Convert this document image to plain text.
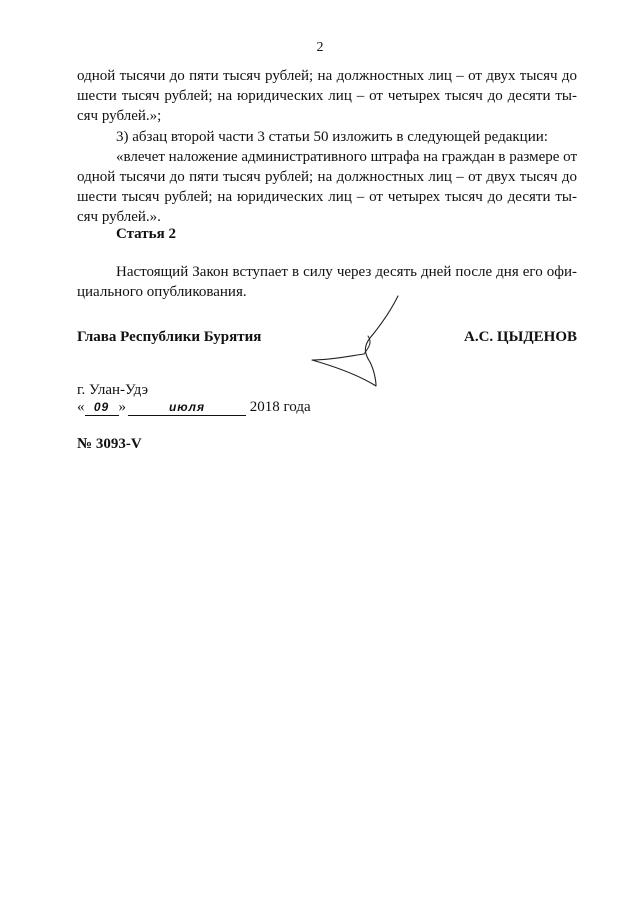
2
одной тысячи до пяти тысяч рублей; на должностных лиц – от двух тысяч до
шести тысяч рублей; на юридических лиц – от четырех тысяч до десяти ты-
сяч рублей.»;
3) абзац второй части 3 статьи 50 изложить в следующей редакции:
«влечет наложение административного штрафа на граждан в размере от
одной тысячи до пяти тысяч рублей; на должностных лиц – от двух тысяч до
шести тысяч рублей; на юридических лиц – от четырех тысяч до десяти ты-
сяч рублей.».
Статья 2
Настоящий Закон вступает в силу через десять дней после дня его офи-
циального опубликования.
Глава Республики Бурятия	А.С. ЦЫДЕНОВ
г. Улан-Удэ
« 09 »	июля	2018 года
№ 3093-V
